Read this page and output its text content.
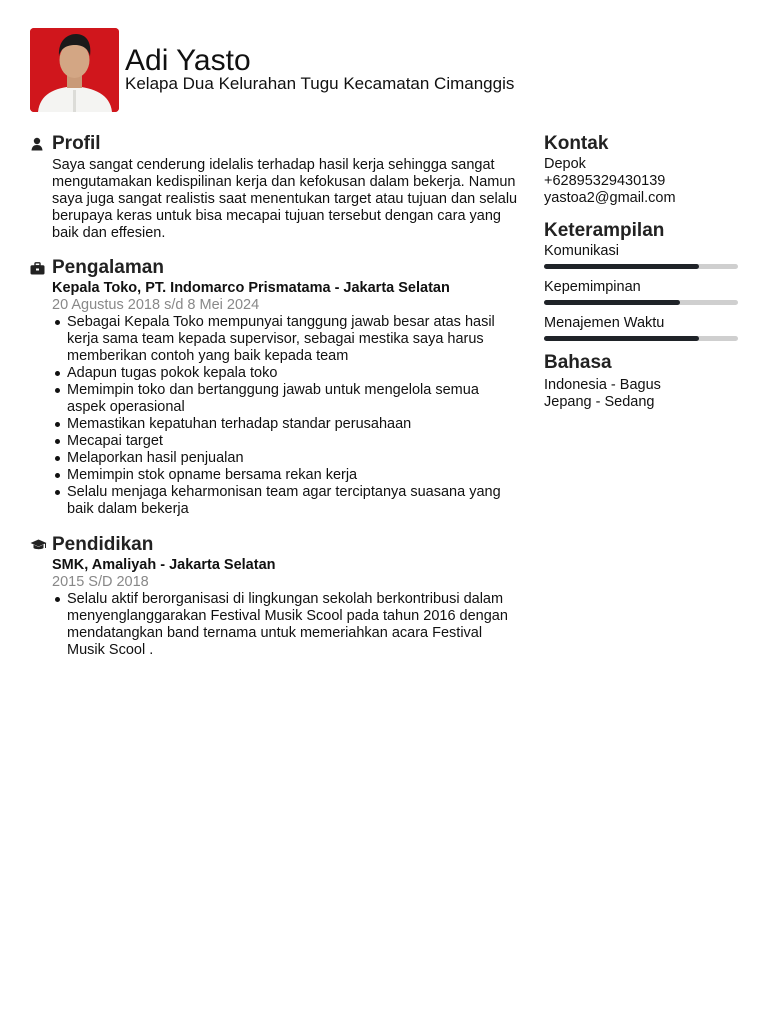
Adi Yasto
Kelapa Dua Kelurahan Tugu Kecamatan Cimanggis
Profil
Saya sangat cenderung idelalis terhadap hasil kerja sehingga sangat mengutamakan kedispilinan kerja dan kefokusan dalam bekerja. Namun saya juga sangat realistis saat menentukan target atau tujuan dan selalu berupaya keras untuk bisa mecapai tujuan tersebut dengan cara yang baik dan effesien.
Pengalaman
Kepala Toko, PT. Indomarco Prismatama - Jakarta Selatan
20 Agustus 2018 s/d 8 Mei 2024
Sebagai Kepala Toko mempunyai tanggung jawab besar atas hasil kerja sama team kepada supervisor, sebagai mestika saya harus memberikan contoh yang baik kepada team
Adapun tugas pokok kepala toko
Memimpin toko dan bertanggung jawab untuk mengelola semua aspek operasional
Memastikan kepatuhan terhadap standar perusahaan
Mecapai target
Melaporkan hasil penjualan
Memimpin stok opname bersama rekan kerja
Selalu menjaga keharmonisan team agar terciptanya suasana yang baik dalam bekerja
Pendidikan
SMK, Amaliyah - Jakarta Selatan
2015 S/D 2018
Selalu aktif berorganisasi di lingkungan sekolah berkontribusi dalam menyenglanggarakan Festival Musik Scool pada tahun 2016 dengan mendatangkan band ternama untuk memeriahkan acara Festival Musik Scool .
Kontak
Depok
+62895329430139
yastoa2@gmail.com
Keterampilan
Komunikasi
Kepemimpinan
Menajemen Waktu
Bahasa
Indonesia - Bagus
Jepang - Sedang
